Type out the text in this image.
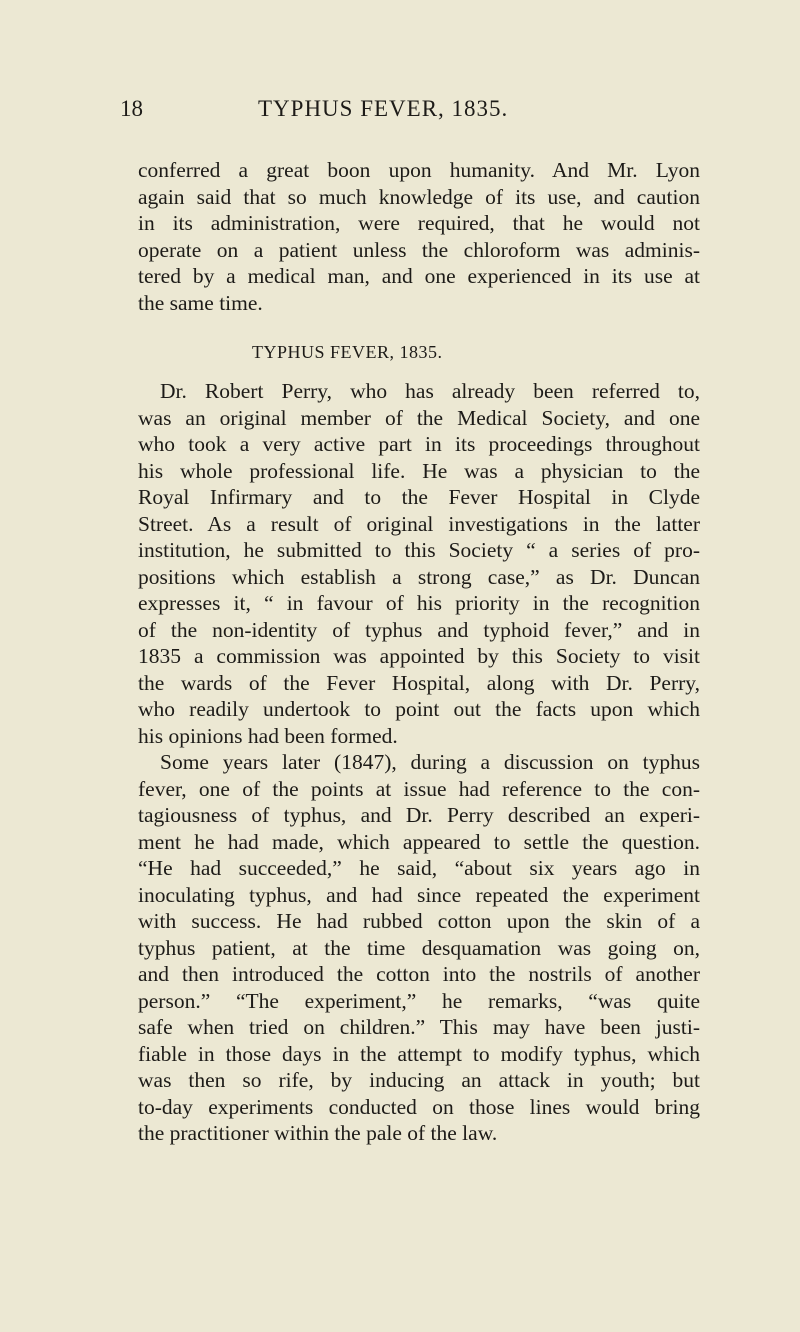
18	TYPHUS FEVER, 1835.
conferred a great boon upon humanity. And Mr. Lyon
again said that so much knowledge of its use, and caution
in its administration, were required, that he would not
operate on a patient unless the chloroform was adminis-
tered by a medical man, and one experienced in its use at
the same time.
TYPHUS FEVER, 1835.
Dr. Robert Perry, who has already been referred to,
was an original member of the Medical Society, and one
who took a very active part in its proceedings throughout
his whole professional life. He was a physician to the
Royal Infirmary and to the Fever Hospital in Clyde
Street. As a result of original investigations in the latter
institution, he submitted to this Society “ a series of pro-
positions which establish a strong case,” as Dr. Duncan
expresses it, “ in favour of his priority in the recognition
of the non-identity of typhus and typhoid fever,” and in
1835 a commission was appointed by this Society to visit
the wards of the Fever Hospital, along with Dr. Perry,
who readily undertook to point out the facts upon which
his opinions had been formed.
Some years later (1847), during a discussion on typhus
fever, one of the points at issue had reference to the con-
tagiousness of typhus, and Dr. Perry described an experi-
ment he had made, which appeared to settle the question.
“He had succeeded,” he said, “about six years ago in
inoculating typhus, and had since repeated the experiment
with success. He had rubbed cotton upon the skin of a
typhus patient, at the time desquamation was going on,
and then introduced the cotton into the nostrils of another
person.” “The experiment,” he remarks, “was quite
safe when tried on children.” This may have been justi-
fiable in those days in the attempt to modify typhus, which
was then so rife, by inducing an attack in youth; but
to-day experiments conducted on those lines would bring
the practitioner within the pale of the law.
